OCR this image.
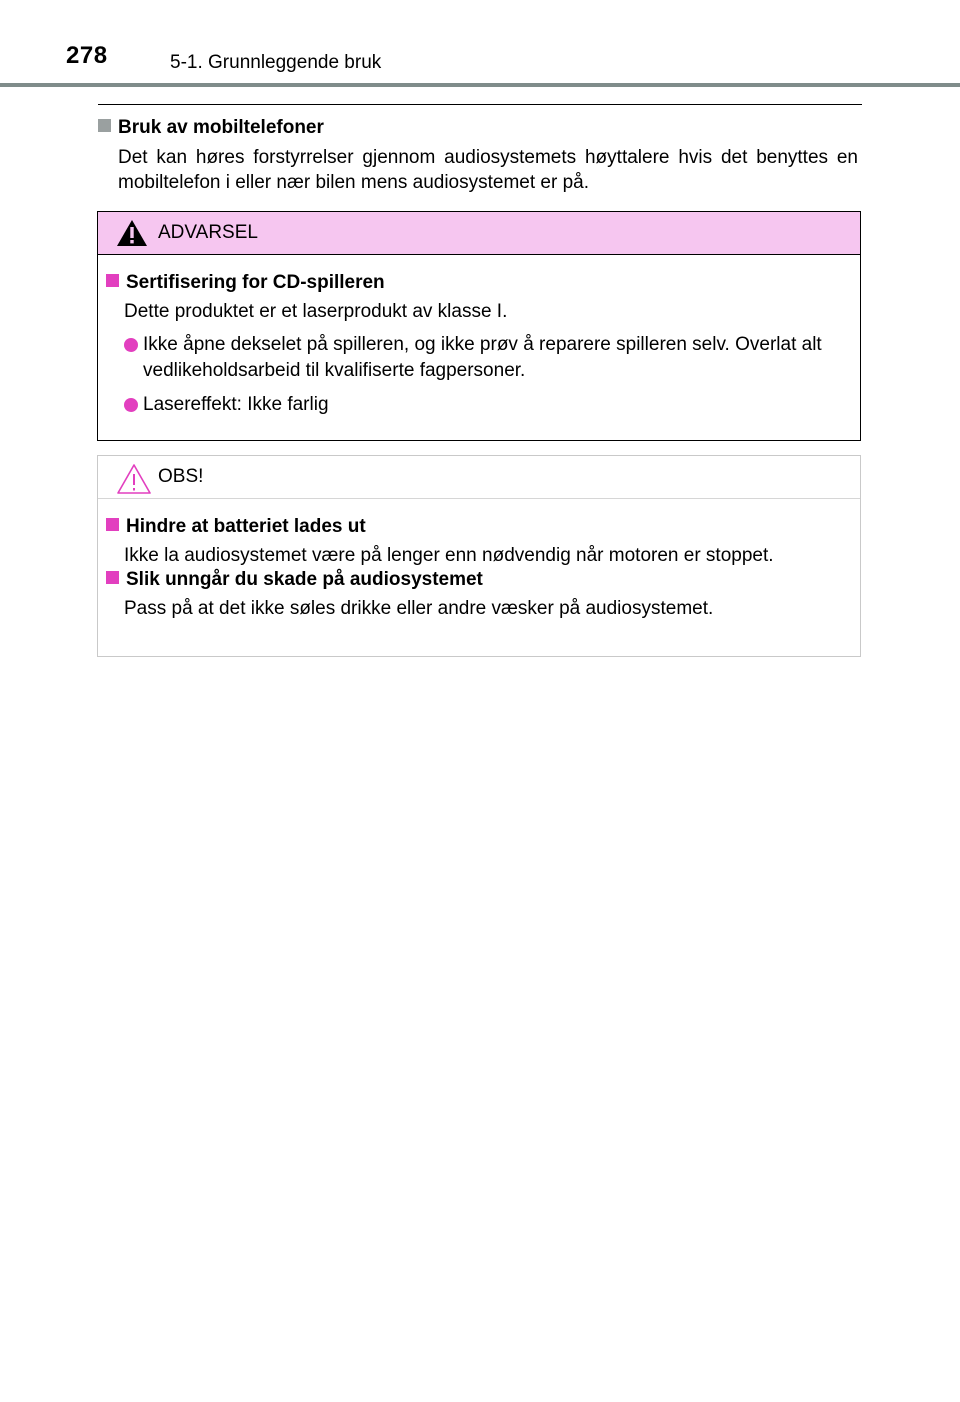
278	5-1. Grunnleggende bruk
Bruk av mobiltelefoner
Det kan høres forstyrrelser gjennom audiosystemets høyttalere hvis det benyttes en mobiltelefon i eller nær bilen mens audiosystemet er på.
ADVARSEL
Sertifisering for CD-spilleren
Dette produktet er et laserprodukt av klasse I.
Ikke åpne dekselet på spilleren, og ikke prøv å reparere spilleren selv. Overlat alt vedlikeholdsarbeid til kvalifiserte fagpersoner.
Lasereffekt: Ikke farlig
OBS!
Hindre at batteriet lades ut
Ikke la audiosystemet være på lenger enn nødvendig når motoren er stoppet.
Slik unngår du skade på audiosystemet
Pass på at det ikke søles drikke eller andre væsker på audiosystemet.
